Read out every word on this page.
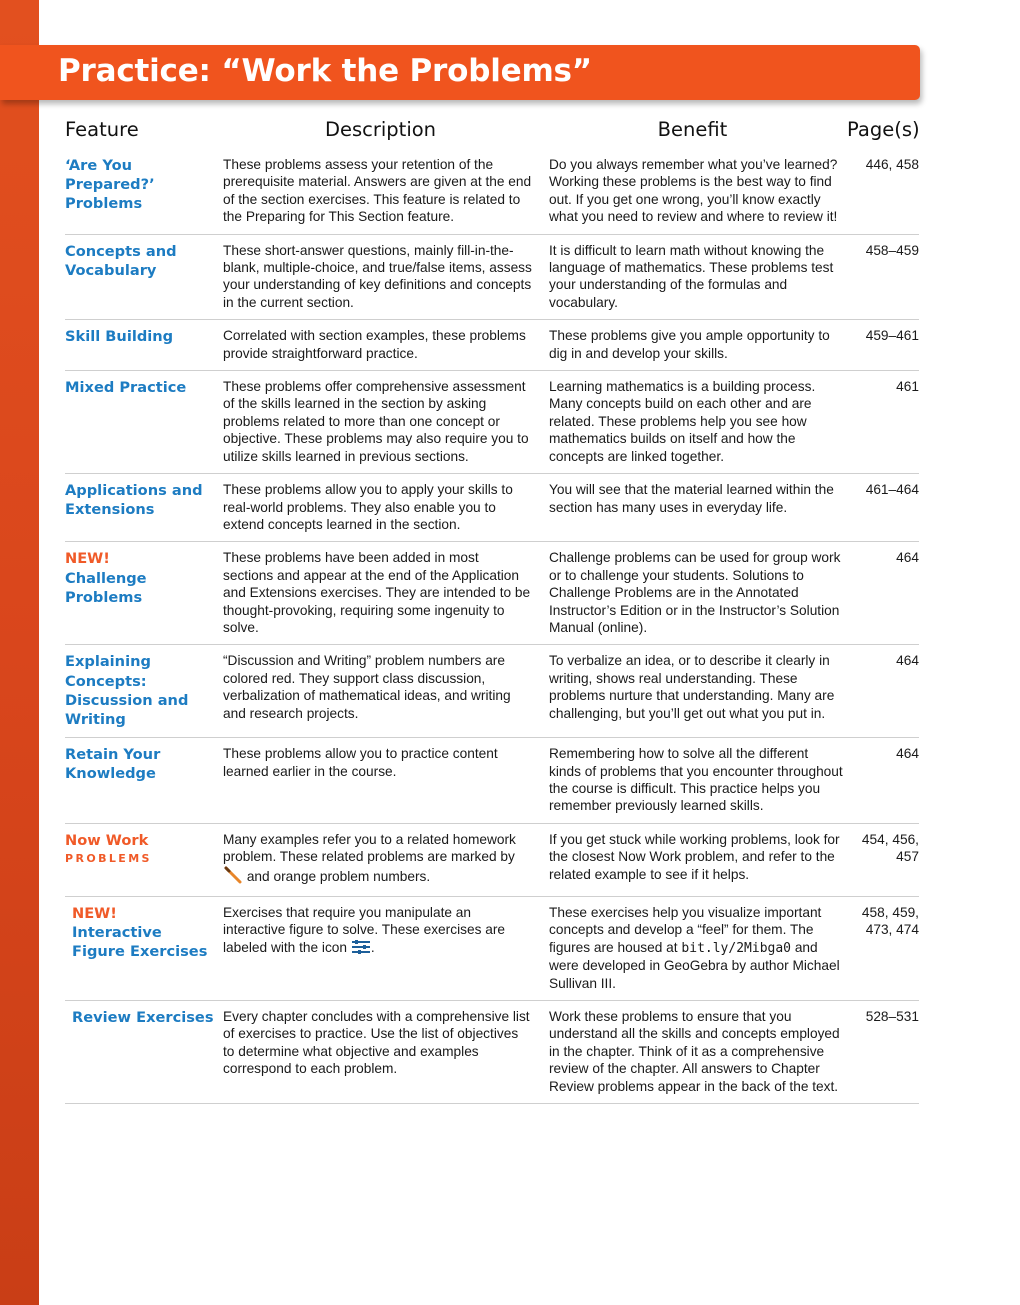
Practice: “Work the Problems”
Feature	Description	Benefit	Page(s)
‘Are You Prepared?’ Problems	These problems assess your retention of the prerequisite material. Answers are given at the end of the section exercises. This feature is related to the Preparing for This Section feature.	Do you always remember what you’ve learned? Working these problems is the best way to find out. If you get one wrong, you’ll know exactly what you need to review and where to review it!	446, 458
Concepts and Vocabulary	These short-answer questions, mainly fill-in-the-blank, multiple-choice, and true/false items, assess your understanding of key definitions and concepts in the current section.	It is difficult to learn math without knowing the language of mathematics. These problems test your understanding of the formulas and vocabulary.	458–459
Skill Building	Correlated with section examples, these problems provide straightforward practice.	These problems give you ample opportunity to dig in and develop your skills.	459–461
Mixed Practice	These problems offer comprehensive assessment of the skills learned in the section by asking problems related to more than one concept or objective. These problems may also require you to utilize skills learned in previous sections.	Learning mathematics is a building process. Many concepts build on each other and are related. These problems help you see how mathematics builds on itself and how the concepts are linked together.	461
Applications and Extensions	These problems allow you to apply your skills to real-world problems. They also enable you to extend concepts learned in the section.	You will see that the material learned within the section has many uses in everyday life.	461–464

NEW!
Challenge Problems	These problems have been added in most sections and appear at the end of the Application and Extensions exercises. They are intended to be thought-provoking, requiring some ingenuity to solve.	Challenge problems can be used for group work or to challenge your students. Solutions to Challenge Problems are in the Annotated Instructor’s Edition or in the Instructor’s Solution Manual (online).	464
Explaining Concepts: Discussion and Writing	“Discussion and Writing” problem numbers are colored red. They support class discussion, verbalization of mathematical ideas, and writing and research projects.	To verbalize an idea, or to describe it clearly in writing, shows real understanding. These problems nurture that understanding. Many are challenging, but you’ll get out what you put in.	464
Retain Your Knowledge	These problems allow you to practice content learned earlier in the course.	Remembering how to solve all the different kinds of problems that you encounter throughout the course is difficult. This practice helps you remember previously learned skills.	464

Now Work
PROBLEMS	Many examples refer you to a related homework problem. These related problems are marked by  and orange problem numbers.	If you get stuck while working problems, look for the closest Now Work problem, and refer to the related example to see if it helps.	454, 456, 457

NEW!
Interactive Figure Exercises	Exercises that require you manipulate an interactive figure to solve. These exercises are labeled with the icon .	These exercises help you visualize important concepts and develop a “feel” for them. The figures are housed at bit.ly/2Mibga0 and were developed in GeoGebra by author Michael Sullivan III.	458, 459, 473, 474
Review Exercises	Every chapter concludes with a comprehensive list of exercises to practice. Use the list of objectives to determine what objective and examples correspond to each problem.	Work these problems to ensure that you understand all the skills and concepts employed in the chapter. Think of it as a comprehensive review of the chapter. All answers to Chapter Review problems appear in the back of the text.	528–531
